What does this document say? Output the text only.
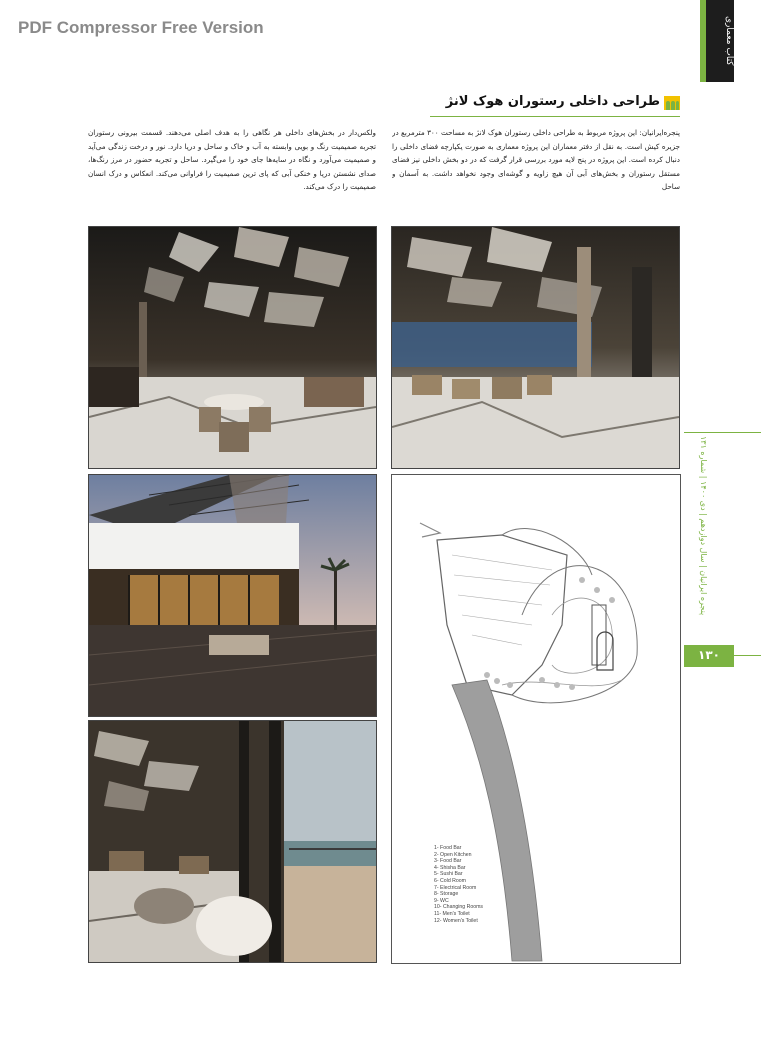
PDF Compressor Free Version	کتاب معماری
طراحی داخلی رستوران هوک لانژ
پنجره‌ایرانیان: این پروژه مربوط به طراحی داخلی رستوران هوک لانژ به مساحت ۳۰۰ مترمربع در جزیره کیش است. به نقل از دفتر معماران این پروژه معماری به صورت یکپارچه فضای داخلی را دنبال کرده است. این پروژه در پنج لایه مورد بررسی قرار گرفت که در دو بخش داخلی نیز فضای مستقل رستوران و بخش‌های آبی آن هیچ زاویه و گوشه‌ای وجود نخواهد داشت. به آسمان و ساحل
ولکس‌دار در بخش‌های داخلی هر نگاهی را به هدف اصلی می‌دهند. قسمت بیرونی رستوران تجربه صمیمیت رنگ و بویی وابسته به آب و خاک و ساحل و دریا دارد. نور و درخت زندگی می‌آید و صمیمیت می‌آورد و نگاه در سایه‌ها جای خود را می‌گیرد. ساحل و تجربه حضور در مرز رنگ‌ها، صدای نشستن دریا و خنکی آبی که پای ترین صمیمیت را فراوانی می‌کند. انعکاس و درک انسان صمیمیت را درک می‌کند.
1- Food Bar
2- Open Kitchen
3- Food Bar
4- Shisha Bar
5- Sushi Bar
6- Cold Room
7- Electrical Room
8- Storage
9- WC
10- Changing Rooms
11- Men's Toilet
12- Women's Toilet
پنجره ایرانیان | سال دوازدهم | دی ۱۴۰۰ | شماره ۱۳۱
۱۳۰
